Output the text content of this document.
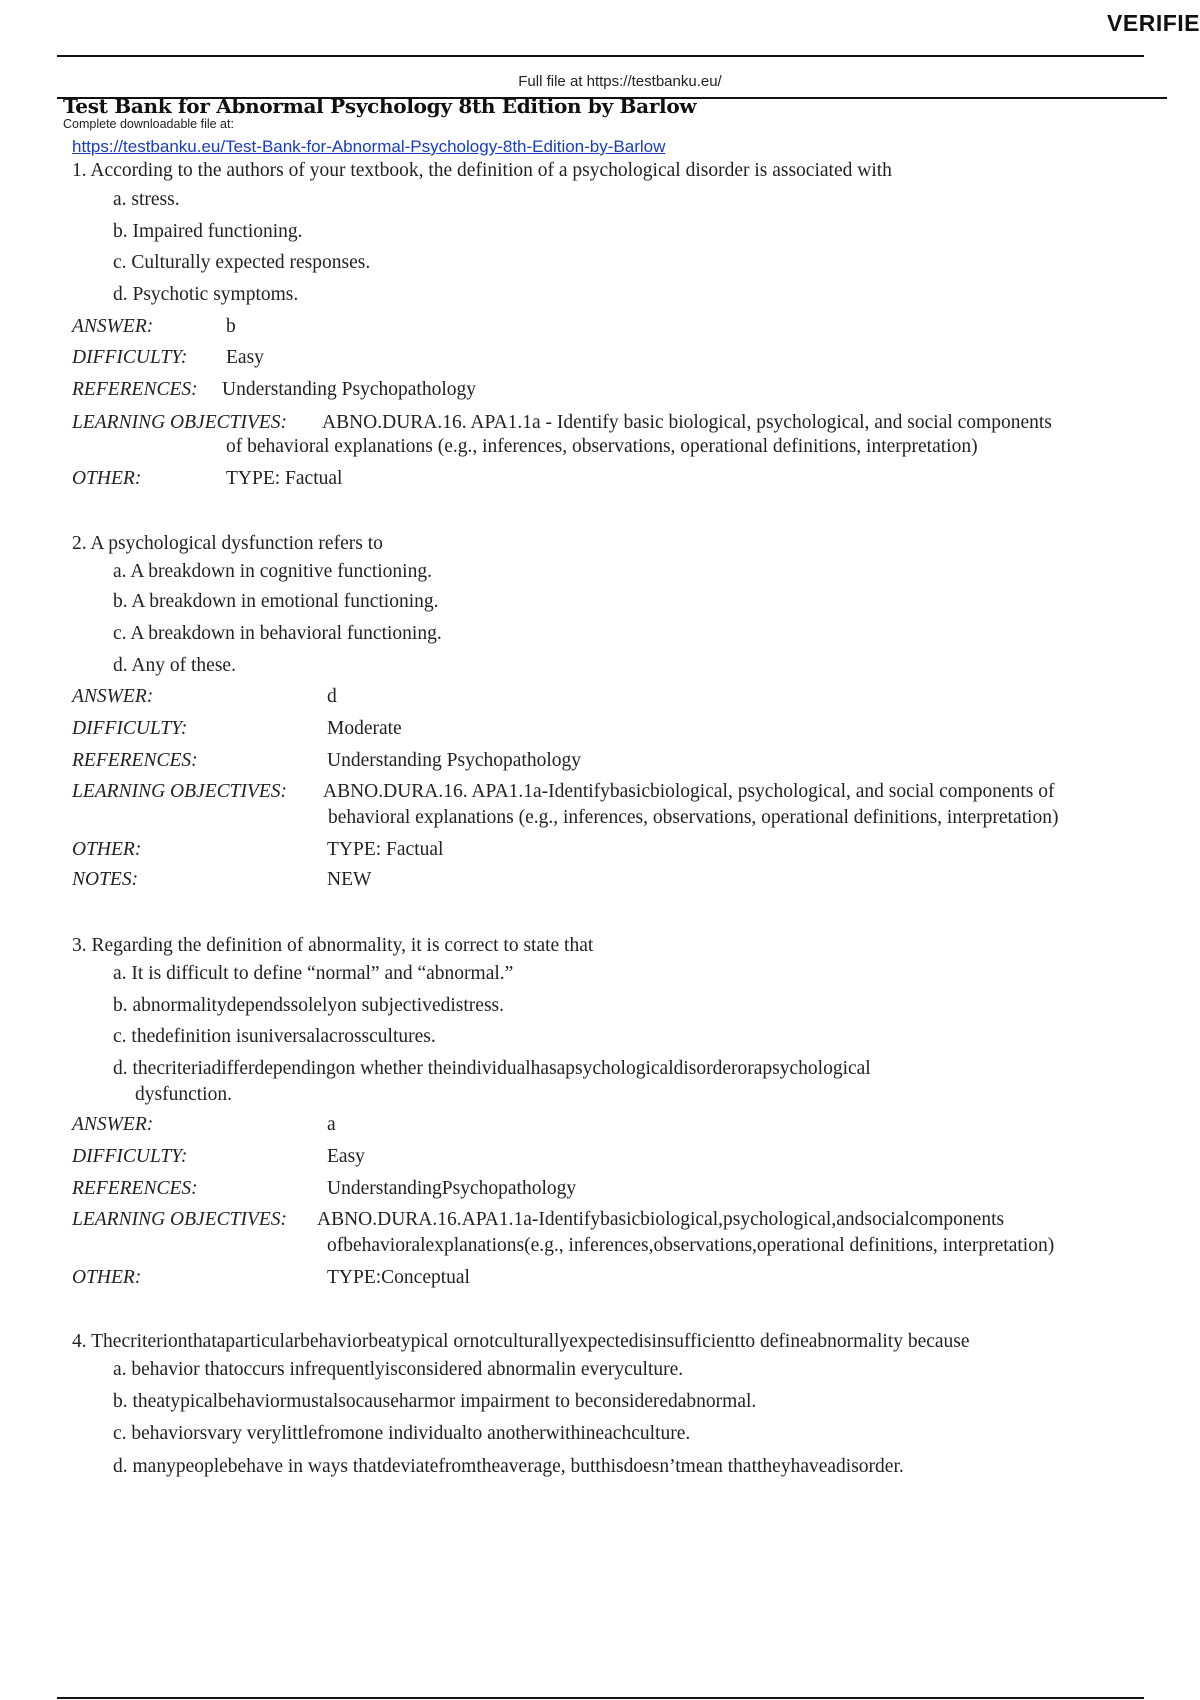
VERIFIE
Full file at https://testbanku.eu/
Test Bank for Abnormal Psychology 8th Edition by Barlow
Complete downloadable file at:
https://testbanku.eu/Test-Bank-for-Abnormal-Psychology-8th-Edition-by-Barlow
1. According to the authors of your textbook, the definition of a psychological disorder is associated with
a. stress.
b. Impaired functioning.
c. Culturally expected responses.
d. Psychotic symptoms.
ANSWER:	b
DIFFICULTY: Easy
REFERENCES: Understanding Psychopathology
LEARNING OBJECTIVES: ABNO.DURA.16. APA1.1a - Identify basic biological, psychological, and social components
of behavioral explanations (e.g., inferences, observations, operational definitions, interpretation)
OTHER:	TYPE: Factual
2. A psychological dysfunction refers to
a. A breakdown in cognitive functioning.
b. A breakdown in emotional functioning.
c. A breakdown in behavioral functioning.
d. Any of these.
ANSWER:	d
DIFFICULTY:	Moderate
REFERENCES:	Understanding Psychopathology
LEARNING OBJECTIVES: ABNO.DURA.16. APA1.1a-Identifybasicbiological, psychological, and social components of
behavioral explanations (e.g., inferences, observations, operational definitions, interpretation)
OTHER:	TYPE: Factual
NOTES:	NEW
3. Regarding the definition of abnormality, it is correct to state that
a. It is difficult to define “normal” and “abnormal.”
b. abnormalitydependssolelyon subjectivedistress.
c. thedefinition isuniversalacrosscultures.
d. thecriteriadifferdependingon whether theindividualhasapsychologicaldisorderorapsychological
dysfunction.
ANSWER:	a
DIFFICULTY:	Easy
REFERENCES:	UnderstandingPsychopathology
LEARNING OBJECTIVES: ABNO.DURA.16.APA1.1a-Identifybasicbiological,psychological,andsocialcomponents
ofbehavioralexplanations(e.g., inferences,observations,operational definitions, interpretation)
OTHER:	TYPE:Conceptual
4. Thecriterionthataparticularbehaviorbeatypical ornotculturallyexpectedisinsufficientto defineabnormality because
a. behavior thatoccurs infrequentlyisconsidered abnormalin everyculture.
b. theatypicalbehaviormustalsocauseharmor impairment to beconsideredabnormal.
c. behaviorsvary verylittlefromone individualto anotherwithineachculture.
d. manypeoplebehave in ways thatdeviatefromtheaverage, butthisdoesn’tmean thattheyhaveadisorder.
